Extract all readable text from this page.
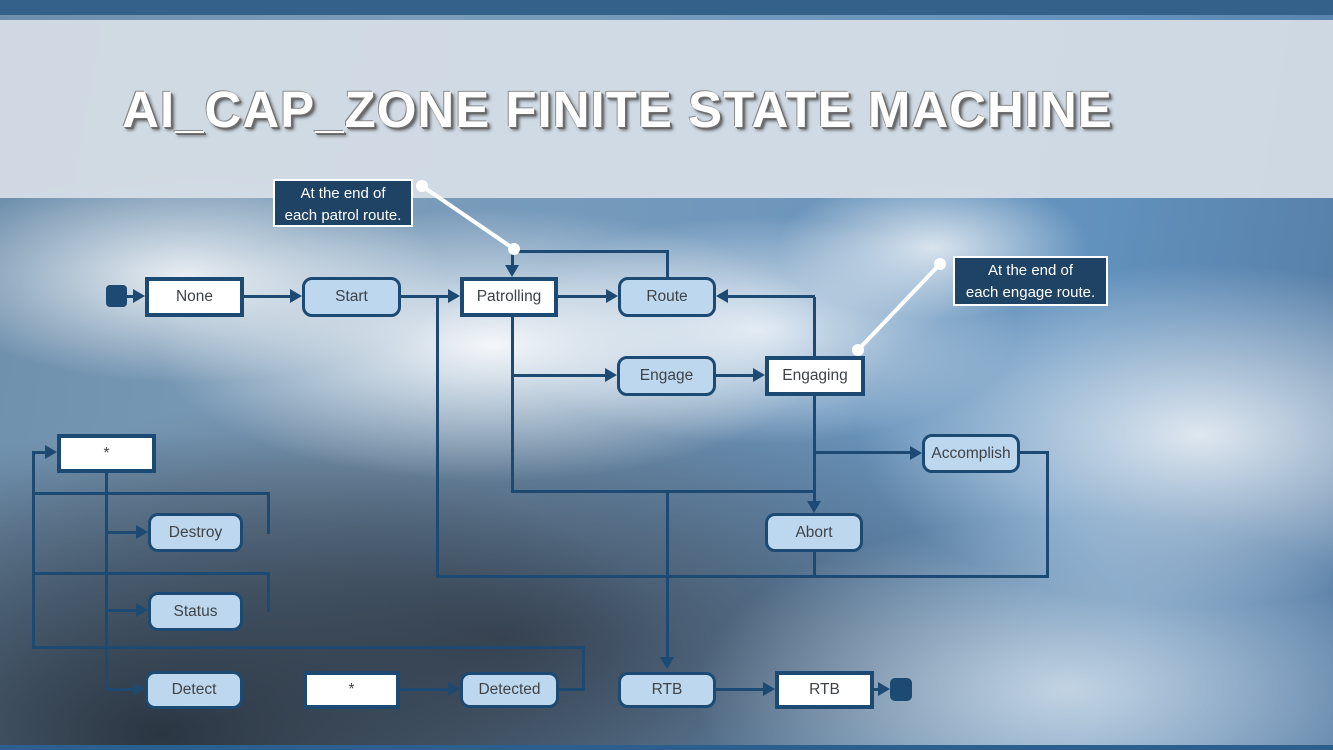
AI_CAP_ZONE FINITE STATE MACHINE
None	Start	Patrolling	Route
Engage	Engaging
Accomplish
Abort
*
Destroy
Status
Detect	*	Detected	RTB	RTB
At the end of
each patrol route.
At the end of
each engage route.
